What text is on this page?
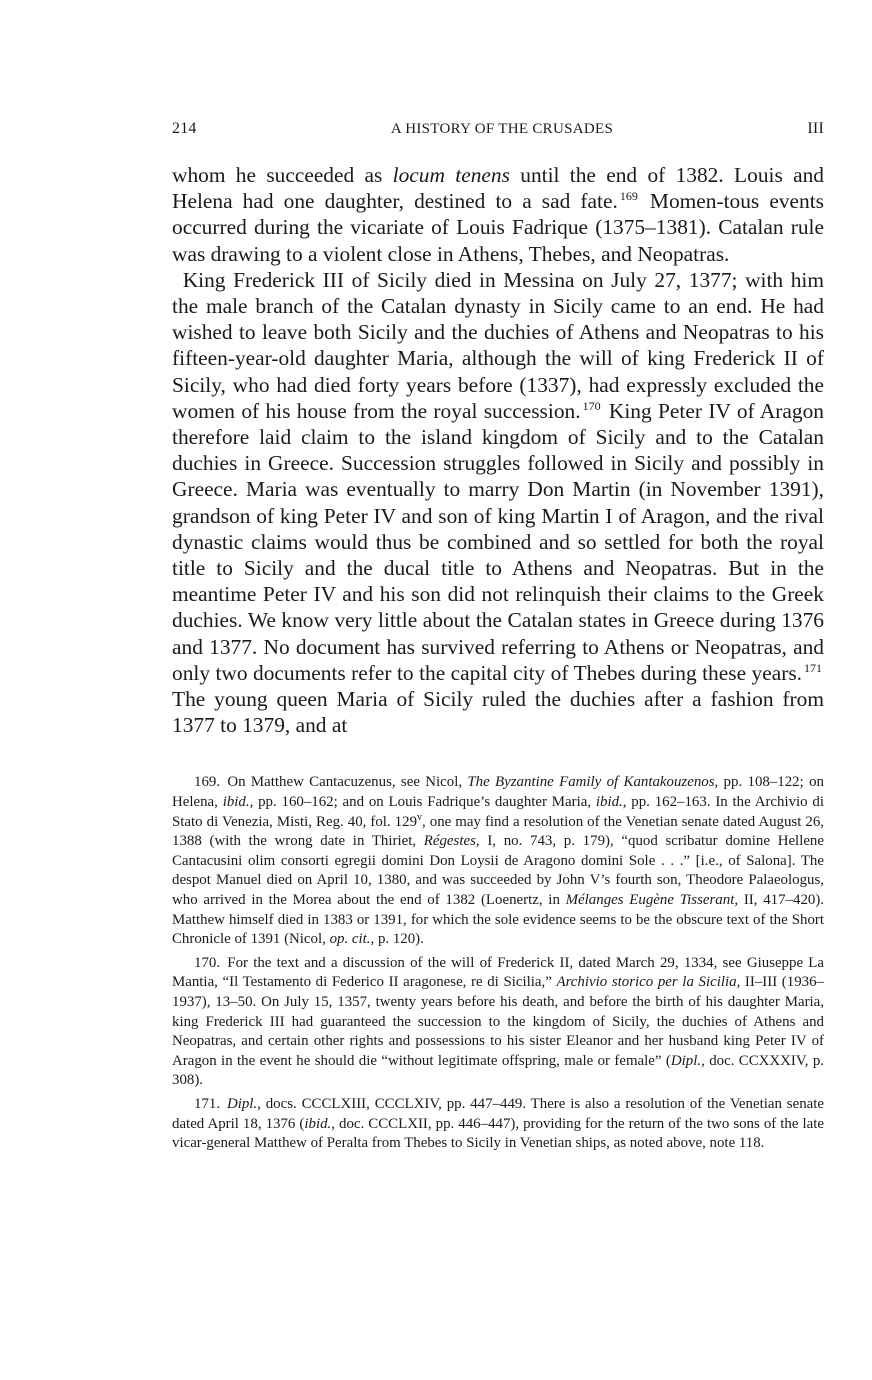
214	A HISTORY OF THE CRUSADES	III

whom he succeeded as locum tenens until the end of 1382. Louis and Helena had one daughter, destined to a sad fate. $^{169}$ Momen-tous events occurred during the vicariate of Louis Fadrique (1375–1381). Catalan rule was drawing to a violent close in Athens, Thebes, and Neopatras.

 King Frederick III of Sicily died in Messina on July 27, 1377; with him the male branch of the Catalan dynasty in Sicily came to an end. He had wished to leave both Sicily and the duchies of Athens and Neopatras to his fifteen-year-old daughter Maria, although the will of king Frederick II of Sicily, who had died forty years before (1337), had expressly excluded the women of his house from the royal succession. $^{170}$ King Peter IV of Aragon therefore laid claim to the island kingdom of Sicily and to the Catalan duchies in Greece. Succession struggles followed in Sicily and possibly in Greece. Maria was eventually to marry Don Martin (in November 1391), grandson of king Peter IV and son of king Martin I of Aragon, and the rival dynastic claims would thus be combined and so settled for both the royal title to Sicily and the ducal title to Athens and Neopatras. But in the meantime Peter IV and his son did not relinquish their claims to the Greek duchies. We know very little about the Catalan states in Greece during 1376 and 1377. No document has survived referring to Athens or Neopatras, and only two documents refer to the capital city of Thebes during these years. $^{171}$ The young queen Maria of Sicily ruled the duchies after a fashion from 1377 to 1379, and at

169. On Matthew Cantacuzenus, see Nicol, The Byzantine Family of Kantakouzenos, pp. 108–122; on Helena, ibid., pp. 160–162; and on Louis Fadrique’s daughter Maria, ibid., pp. 162–163. In the Archivio di Stato di Venezia, Misti, Reg. 40, fol. 129$^v$, one may find a resolution of the Venetian senate dated August 26, 1388 (with the wrong date in Thiriet, Régestes, I, no. 743, p. 179), “quod scribatur domine Hellene Cantacusini olim consorti egregii domini Don Loysii de Aragono domini Sole . . .” [i.e., of Salona]. The despot Manuel died on April 10, 1380, and was succeeded by John V’s fourth son, Theodore Palaeologus, who arrived in the Morea about the end of 1382 (Loenertz, in Mélanges Eugène Tisserant, II, 417–420). Matthew himself died in 1383 or 1391, for which the sole evidence seems to be the obscure text of the Short Chronicle of 1391 (Nicol, op. cit., p. 120).

170. For the text and a discussion of the will of Frederick II, dated March 29, 1334, see Giuseppe La Mantia, “Il Testamento di Federico II aragonese, re di Sicilia,” Archivio storico per la Sicilia, II–III (1936–1937), 13–50. On July 15, 1357, twenty years before his death, and before the birth of his daughter Maria, king Frederick III had guaranteed the succession to the kingdom of Sicily, the duchies of Athens and Neopatras, and certain other rights and possessions to his sister Eleanor and her husband king Peter IV of Aragon in the event he should die “without legitimate offspring, male or female” (Dipl., doc. CCXXXIV, p. 308).

171. Dipl., docs. CCCLXIII, CCCLXIV, pp. 447–449. There is also a resolution of the Venetian senate dated April 18, 1376 (ibid., doc. CCCLXII, pp. 446–447), providing for the return of the two sons of the late vicar-general Matthew of Peralta from Thebes to Sicily in Venetian ships, as noted above, note 118.
